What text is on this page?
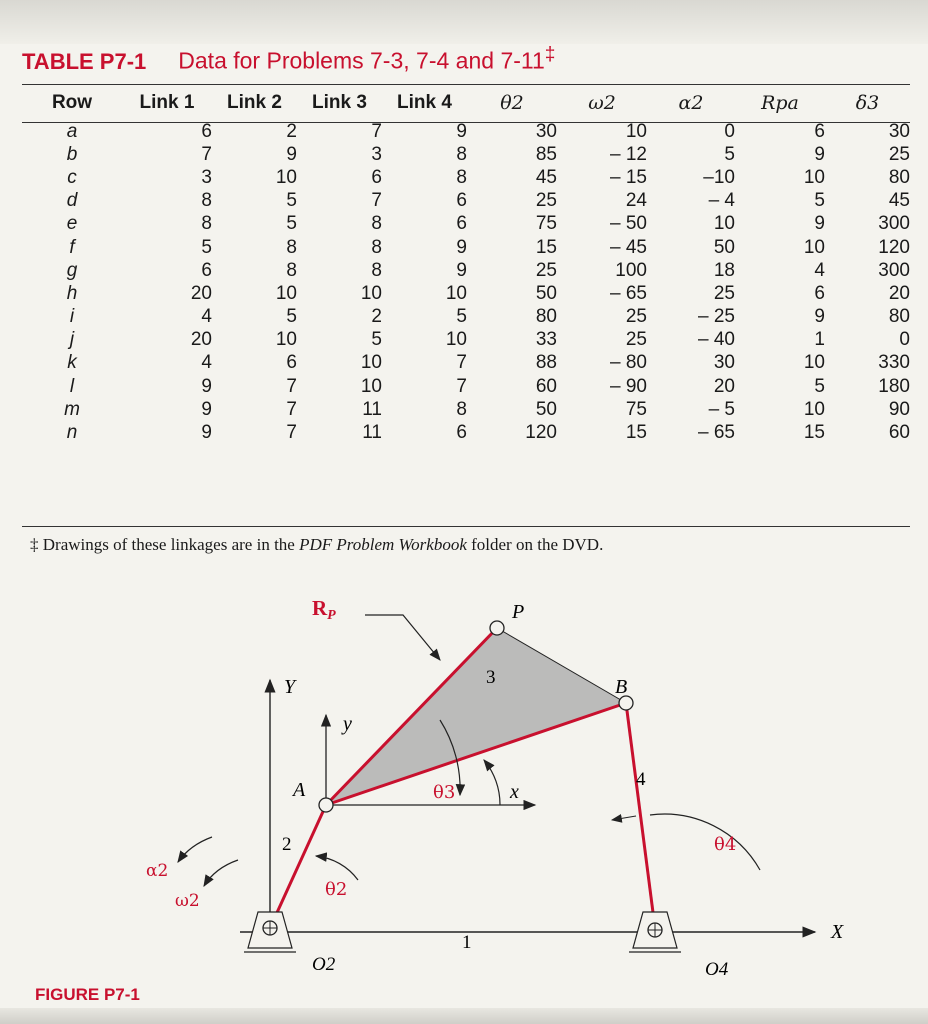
TABLE P7-1 Data for Problems 7-3, 7-4 and 7-11‡
Row	Link 1	Link 2	Link 3	Link 4	θ2	ω2	α2	Rpa	δ3
a	6	2	7	9	30	10	0	6	30
b	7	9	3	8	85	– 12	5	9	25
c	3	10	6	8	45	– 15	–10	10	80
d	8	5	7	6	25	24	– 4	5	45
e	8	5	8	6	75	– 50	10	9	300
f	5	8	8	9	15	– 45	50	10	120
g	6	8	8	9	25	100	18	4	300
h	20	10	10	10	50	– 65	25	6	20
i	4	5	2	5	80	25	– 25	9	80
j	20	10	5	10	33	25	– 40	1	0
k	4	6	10	7	88	– 80	30	10	330
l	9	7	10	7	60	– 90	20	5	180
m	9	7	11	8	50	75	– 5	10	90
n	9	7	11	6	120	15	– 65	15	60
‡ Drawings of these linkages are in the PDF Problem Workbook folder on the DVD.
RP	P
B
A
Y
y
x
X
1
2
3
4
θ2
θ3
θ4
α2
ω2
O2	O4
FIGURE P7-1
